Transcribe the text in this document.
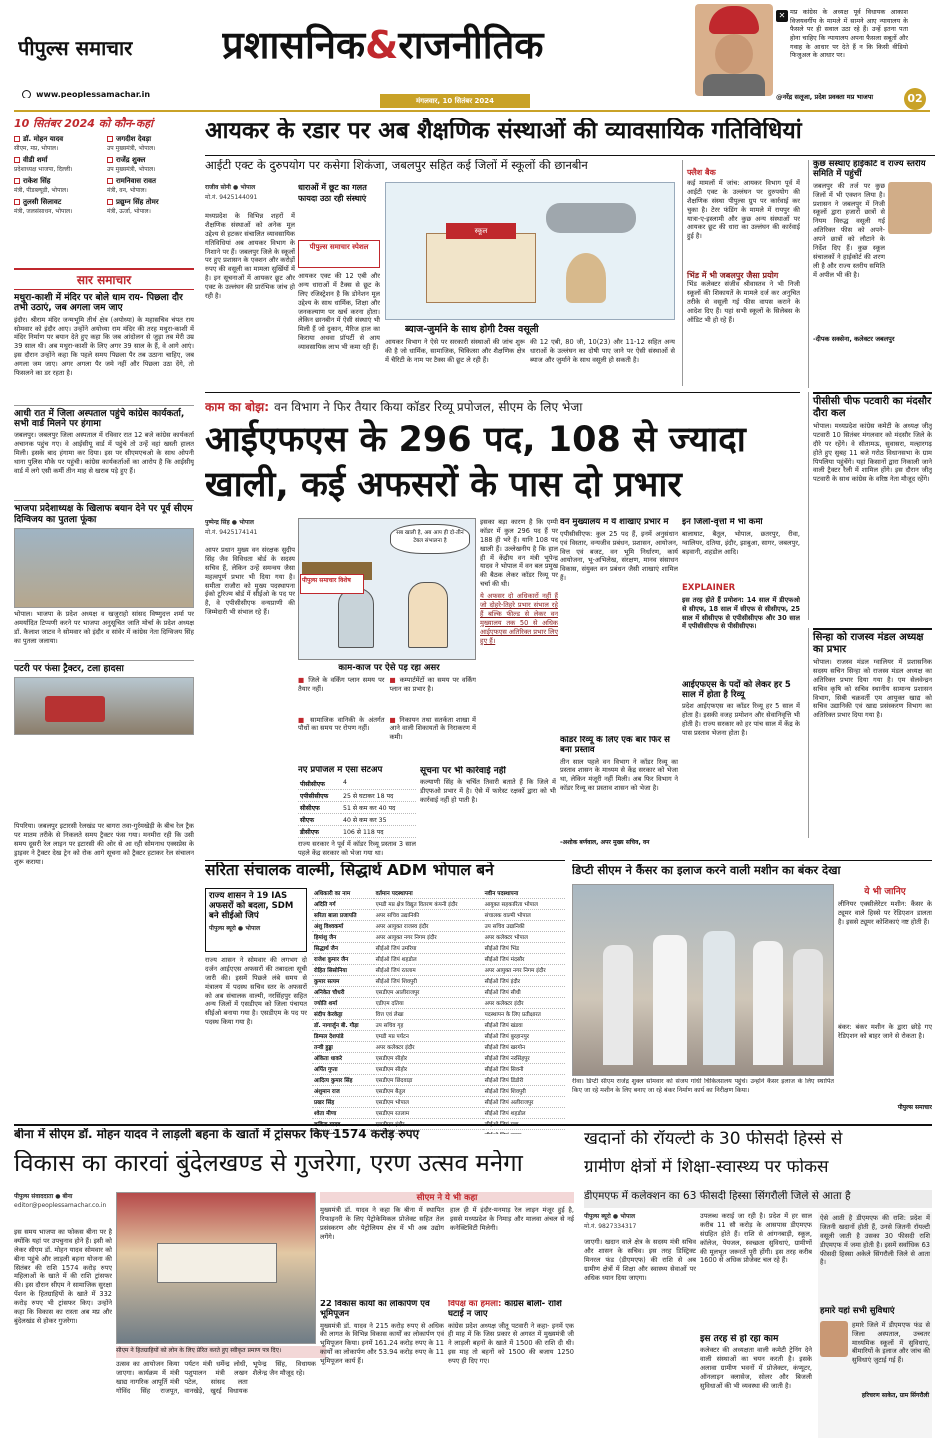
पीपुल्स समाचार
www.peoplessamachar.in
प्रशासनिक&राजनीतिक
मंगलवार, 10 सितंबर 2024
✕ मप्र कांग्रेस के अध्यक्ष पूर्व विधायक आकाश विजयवर्गीय के मामले में सामने आए न्यायालय के फैसले पर ही सवाल उठा रहे हैं। उन्हें इतना पता होना चाहिए कि न्यायालय अपना फैसला सबूतों और गवाह के आधार पर देते हैं न कि किसी वीडियो फिजुअल के आधार पर।
@नरेंद्र सलूजा, प्रदेश प्रवक्ता मप्र भाजपा	02
10 सितंबर 2024 को कौन-कहां
डॉ. मोहन यादव
सीएम, मप्र, भोपाल।
जगदीश देवड़ा
उप मुख्यमंत्री, भोपाल।
वीडी शर्मा
प्रदेशाध्यक्ष भाजपा, दिल्ली।
राजेंद्र शुक्ल
उप मुख्यमंत्री, भोपाल।
राकेश सिंह
मंत्री, पीडब्ल्यूडी, भोपाल।
रामनिवास रावत
मंत्री, वन, भोपाल।
तुलसी सिलावट
मंत्री, जलसंसाधन, भोपाल।
प्रद्युम्न सिंह तोमर
मंत्री, ऊर्जा, भोपाल।
सार समाचार
मथुरा-काशी में मंदिर पर बोले धाम राय- पिछला दौर तभी उठाएं, जब अगला जम जाए
इंदौर। श्रीराम मंदिर जन्मभूमि तीर्थ क्षेत्र (अयोध्या) के महासचिव चंपत राय सोमवार को इंदौर आए। उन्होंने अयोध्या राम मंदिर की तरह मथुरा-काशी में मंदिर निर्माण पर बयान देते हुए कहा कि जब आंदोलन से जुड़ा तब मेरी उम्र 39 साल थी। अब मथुरा-काशी के लिए अगर 39 साल के हैं, वे आगे आएं। इस दौरान उन्होंने कहा कि पहले समय पिछला पैर तब उठाना चाहिए, जब अगला जम जाए। अगर अगला पैर जमे नहीं और पिछला उठा देंगे, तो फिसलने का डर रहता है।
आधी रात में जिला अस्पताल पहुंचे कांग्रेस कार्यकर्ता, सभी वार्ड मिलने पर हंगामा
जबलपुर। जबलपुर जिला अस्पताल में रविवार रात 12 बजे कांग्रेस कार्यकर्ता अचानक पहुंच गए। वे आईसीयू वार्ड में पहुंचे तो उन्हें वहां खस्ती हालत मिली। इसके बाद हंगामा कर दिया। इस पर सीएमएचओ के साथ ओपनी थाना पुलिस मौके पर पहुंची। कांग्रेस कार्यकर्ताओं का आरोप है कि आईसीयू वार्ड में लगे एसी कर्मी तीन माह से खराब पड़े हुए हैं।
भाजपा प्रदेशाध्यक्ष के खिलाफ बयान देने पर पूर्व सीएम दिग्विजय का पुतला फूंका
भोपाल। भाजपा के प्रदेश अध्यक्ष व खजुराहो सांसद विष्णुदत्त शर्मा पर अमर्यादित टिप्पणी करने पर भाजपा अनुसूचित जाति मोर्चा के प्रदेश अध्यक्ष डॉ. कैलाश जाटव ने सोमवार को इंदौर व सांवेर में कांग्रेस नेता दिग्विजय सिंह का पुतला जलाया।
पटरी पर फंसा ट्रैक्टर, टला हादसा
पिपरिया। जबलपुर इटारसी रेलखंड पर बागरा तवा-गुर्रमखेड़ी के बीच रेल ट्रैक पर मातम तरीके से निकलते समय ट्रैक्टर फंस गया। मनमीरा रही कि उसी समय दूसरी रेल लाइन पर इटारसी की ओर से आ रही सोमनाथ एक्सप्रेस के ड्राइवर ने ट्रैक्टर देख ट्रेन को रोक आगे सूचना को ट्रैक्टर हटाकर रेल संचालन शुरू कराया।
आयकर के रडार पर अब शैक्षणिक संस्थाओं की व्यावसायिक गतिविधियां
आईटी एक्ट के दुरुपयोग पर कसेगा शिकंजा, जबलपुर सहित कई जिलों में स्कूलों की छानबीन
राजीव सोनी ● भोपाल
मो.नं. 9425144091
पीपुल्स समाचार स्पेशल
मध्यप्रदेश के विभिन्न शहरों में शैक्षणिक संस्थाओं को अनेक मूल उद्देश्य से हटकर संचालित व्यावसायिक गतिविधियां अब आयकर विभाग के निशाने पर हैं। जबलपुर जिले के स्कूलों पर हुए प्रशासन के एक्शन और करोड़ों रुपए की वसूली का मामला सुर्खियों में है। इन सूचनाओं में आयकर छूट और एक्ट के उल्लंघन की प्रारंभिक जांच हो रही है।
धाराओं में छूट का गलत फायदा उठा रही संस्थाएं
आयकर एक्ट की 12 एबी और अन्य धाराओं में टैक्स से छूट के लिए रजिस्ट्रेशन है कि डोनेशन मूल उद्देश्य के साथ धार्मिक, शिक्षा और जनकल्याण पर खर्च करना होता। लेकिन छानबीन में ऐसी संस्थाएं भी मिली हैं जो दुकान, मैरिज हाल का किराया अथवा प्रॉपर्टी से आय व्यावसायिक लाभ भी कमा रही हैं।
स्कूल
ब्याज-जुर्माने के साथ होगी टैक्स वसूली
आयकर विभाग ने ऐसे पर सरकारी संस्थाओं की जांच शुरू की है जो धार्मिक, सामाजिक, चिकित्सा और शैक्षणिक क्षेत्र में चैरिटी के नाम पर टैक्स की छूट ले रही हैं।
की 12 एबी, 80 जी, 10(23) और 11-12 सहित अन्य धाराओं के उल्लंघन का दोषी पाए जाने पर ऐसी संस्थाओं से ब्याज और जुर्माने के साथ वसूली हो सकती है।
फ्लैश बैक
कई मामलों में जांच: आयकर विभाग पूर्व में आईटी एक्ट के उल्लंघन पर दुरुपयोग की शैक्षणिक संस्था पीपुल्स ग्रुप पर कार्रवाई कर चुका है। टेरर फंडिंग के मामले में रायपुर की यात्रा-ए-इस्लामी और कुछ अन्य संस्थाओं पर आयकर छूट की धारा का उल्लंघन की कार्रवाई हुई है।
भिंड में भी जबलपुर जैसा प्रयोग
भिंड कलेक्टर संजीव श्रीवास्तव ने भी निजी स्कूलों की शिकायतें के मामले दर्ज कर अनुचित तरीके से वसूली गई फीस वापस कराने के आदेश दिए हैं। यहां सभी स्कूलों के सिलेबस के ऑडिट भी हो रहे हैं।
कुछ संस्थाएं हाईकोर्ट व राज्य स्तरीय समिति में पहुंचीं
जबलपुर की तर्ज पर कुछ जिलों में भी एक्शन लिया है। प्रशासन ने जबलपुर में निजी स्कूलों द्वारा हजारों छात्रों से नियम विरुद्ध वसूली गई अतिरिक्त फीस को अपने-अपने छात्रों को लौटाने के निर्देश दिए हैं। कुछ स्कूल संचालकों ने हाईकोर्ट की शरण ली है और राज्य स्तरीय समिति में अपील भी की है।
-दीपक सक्सेना, कलेक्टर जबलपुर
पीसीसी चीफ पटवारी का मंदसौर दौरा कल
भोपाल। मध्यप्रदेश कांग्रेस कमेटी के अध्यक्ष जीतू पटवारी 10 सितंबर मंगलवार को मंदसौर जिले के दौरे पर रहेंगे। वे सीतामऊ, सुवासरा, मल्हारगढ़ होते हुए सुबह 11 बजे गरोठ विधानसभा के ग्राम पिपलिया पहुंचेंगे। यहां किसानों द्वारा निकाली जाने वाली ट्रैक्टर रैली में शामिल होंगे। इस दौरान जीतू पटवारी के साथ कांग्रेस के वरिष्ठ नेता मौजूद रहेंगे।
सिन्हा को राजस्व मंडल अध्यक्ष का प्रभार
भोपाल। राजस्व मंडल ग्वालियर में प्रशासनिक सदस्य सचिन सिन्हा को राजस्व मंडल अध्यक्ष का अतिरिक्त प्रभार दिया गया है। एम सेलवेन्द्रन सचिव कृषि को सचिव स्थानीय सामान्य प्रशासन विभाग, सिबी चक्रवर्ती एम आयुक्त खाद्य को सचिव उद्यानिकी एवं खाद्य प्रसंस्करण विभाग का अतिरिक्त प्रभार दिया गया है।
काम का बोझ: वन विभाग ने फिर तैयार किया कॉडर रिव्यू प्रपोजल, सीएम के लिए भेजा
आईएफएस के 296 पद, 108 से ज्यादा खाली, कई अफसरों के पास दो प्रभार
पुष्पेन्द्र सिंह ● भोपाल
मो.नं. 9425174141
आपर प्रधान मुख्य वन संरक्षक सुदीप सिंह जैव विविधता बोर्ड के सदस्य सचिव हैं, लेकिन उन्हें समन्वय जैसा महत्वपूर्ण प्रभार भी दिया गया है। समीता राजौरा को मुख्य पदस्थापना ईको टूरिज्म बोर्ड में सीईओ के पद पर है, वे एपीसीसीएफ वन्यप्राणी की जिम्मेदारी भी संभाल रहे हैं।
सब खाली है, अब आप ही दो-तीन टेबल संभालना है
पीपुल्स समाचार विशेष
काम-काज पर ऐसे पड़ रहा असर
■ जिले के वर्किंग प्लान समय पर तैयार नहीं।
■ कम्पार्टमेंटों का समय पर वर्किंग प्लान का प्रभार है।
■ सामाजिक वानिकी के अंतर्गत पौधों का समय पर रोपण नहीं।
■ निकायन तथा सतर्कता शाखा में आने वाली शिकायतों के निराकरण में कमी।
नए प्रपोजल में ऐसा सेटअप
पीसीसीएफ	4
एपीसीसीएफ	25 से घटाकर 18 पद
सीसीएफ	51 से कम कर 40 पद
सीएफ	40 से कम कर 35
डीसीएफ	106 से 118 पद
राज्य सरकार ने पूर्व में कॉडर रिव्यू प्रस्ताव 3 साल पहले केंद्र सरकार को भेजा गया था।
सूचना पर भी कार्रवाई नहीं
कल्याणी सिंह के चर्चित तिवारी बताते हैं कि जिले में डीएफओ प्रभार में है। ऐसे में फारेस्ट रक्षकों द्वारा को भी कार्रवाई नहीं हो पाती है।
इसका बड़ा कारण है कि एम्पी कॉडर में कुल 296 पद हैं पर 188 ही भरे हैं। यानि 108 पद खाली हैं। उल्लेखनीय है कि हाल ही में केंद्रीय वन मंत्री भूपेन्द्र यादव ने भोपाल में वन बल प्रमुख की बैठक लेकर कॉडर रिव्यू पर चर्चा की थी।
ये अफसर दो अधिकारों नहीं हैं जो दोहरे-तिहरे प्रभार संभाल रहे हैं बल्कि फील्ड से लेकर वन मुख्यालय तक 50 से अधिक आईएफएस अतिरिक्त प्रभार लिए हुए हैं।
वन मुख्यालय में ये शाखाएं प्रभार में
एपीसीसीएफ: कुल 25 पद हैं, इनमें अनुसंधान एवं विस्तार, वन्यजीव प्रबंधन, प्रशासन, आयोजन, वित्त एवं बजट, वन भूमि निर्धारण, कार्य आयोजना, भू-अभिलेख, संरक्षण, मानव संसाधन विकास, संयुक्त वन प्रबंधन जैसी शाखाएं शामिल हैं।
कॉडर रिव्यू के लिए एक बार फिर से बना प्रस्ताव
तीन साल पहले वन विभाग ने कॉडर रिव्यू का प्रस्ताव शासन के माध्यम से केंद्र सरकार को भेजा था, लेकिन मंजूरी नहीं मिली। अब फिर विभाग ने कॉडर रिव्यू का प्रस्ताव शासन को भेजा है।
-अशोक बर्णवाल, अपर मुख्य सचिव, वन
इन जिलों-वृत्तों में भी कमी
बालाघाट, बैतूल, भोपाल, छतरपुर, रीवा, ग्वालियर, दतिया, इंदौर, झाबुआ, सागर, जबलपुर, बड़वानी, शहडोल आदि।
EXPLAINER
इस तरह होते हैं प्रमोशन: 14 साल में डीएफओ से सीएफ, 18 साल में सीएफ से सीसीएफ, 25 साल में सीसीएफ से एपीसीसीएफ और 30 साल में एपीसीसीएफ से पीसीसीएफ।
आईएफएस के पदों को लेकर हर 5 साल में होता है रिव्यू
प्रदेश आईएफएस का कॉडर रिव्यू हर 5 साल में होता है। इसकी वजह प्रमोशन और सेवानिवृत्ति भी होती है। राज्य सरकार को हर पांच साल में केंद्र के पास प्रस्ताव भेजना होता है।
सरिता संचालक वाल्मी, सिद्धार्थ ADM भोपाल बने
राज्य शासन ने 19 IAS अफसरों को बदला, SDM बने सीईओ जिपं
पीपुल्स ब्यूरो ● भोपाल
राज्य शासन ने सोमवार की लगभग दो दर्जन आईएएस अफसरों की तबादला सूची जारी की। इसमें पिछले लंबे समय से मंत्रालय में पदस्थ सचिव स्तर के अफसरों को अब संचालक वाल्मी, नरसिंहपुर सहित अन्य जिलों में एसडीएम को जिला पंचायत सीईओ बनाया गया है। एसडीएम के पद पर पदस्थ किया गया है।
अधिकारी का नाम	वर्तमान पदस्थापना	नवीन पदस्थापना
अदिति गर्ग	एमडी मप्र क्षेत्र विद्युत वितरण कंपनी इंदौर	आयुक्त सहकारिता भोपाल
सरिता बाला प्रजापति	अपर सचिव उद्यानिकी	संचालक वाल्मी भोपाल
अंशु विश्वकर्मा	अपर आयुक्त राजस्व इंदौर	उप सचिव उद्यानिकी
हिमांशु जैन	अपर आयुक्त नगर निगम इंदौर	अपर कलेक्टर भोपाल
सिद्धार्थ जैन	सीईओ जिपं उमरिया	सीईओ जिपं भिंड
राजेश कुमार जैन	सीईओ जिपं शहडोल	सीईओ जिपं मंदसौर
रोहित सिसोनिया	सीईओ जिपं रतलाम	अपर आयुक्त नगर निगम इंदौर
कुमार सत्यम	सीईओ जिपं शिवपुरी	सीईओ जिपं इंदौर
अनिकेत चौधरी	एसडीएम आलीराजपुर	सीईओ जिपं सीधी
ज्योति शर्मा	एडीएम दतिया	अपर कलेक्टर इंदौर
संदीप केरकेट्टा	वित्त एवं लेखा	पदस्थापन के लिए प्रतीक्षारत
डॉ. नागार्जुन बी. गौड़ा	उप सचिव गृह	सीईओ जिपं खंडवा
डिम्पल देशपांडे	एमडी मप्र पर्यटन	सीईओ जिपं बुरहानपुर
तन्वी हुड्डा	अपर कलेक्टर इंदौर	सीईओ जिपं खरगोन
अंकिता धाकरे	एसडीएम सीहोर	सीईओ जिपं नरसिंहपुर
अर्पित गुप्ता	एसडीएम सीहोर	सीईओ जिपं सिवनी
आदित्य कुमार सिंह	एसडीएम छिंदवाड़ा	सीईओ जिपं डिंडोरी
अंशुमान राज	एसडीएम बैतूल	सीईओ जिपं शिवपुरी
प्रखर सिंह	एसडीएम भोपाल	सीईओ जिपं अलीराजपुर
श्वेता मीणा	एसडीएम रतलाम	सीईओ जिपं शहडोल

डिप्टी सीएम ने कैंसर का इलाज करने वाली मशीन का बंकर देखा
रीवा। डिप्टी सीएम राजेंद्र शुक्ल सोमवार को संजय गांधी चिकित्सालय पहुंचे। उन्होंने कैंसर इलाज के लिए स्थापित किए जा रहे मशीन के लिए बनाए जा रहे बंकर निर्माण कार्य का निरीक्षण किया।
ये भी जानिए
लीनियर एक्सीलेरेटर मशीन: कैंसर के ट्यूमर वाले हिस्से पर रेडिएशन डालता है। इससे ट्यूमर कोशिकाएं नष्ट होती हैं।
बंकर: बंकर मशीन के द्वारा छोड़े गए रेडिएशन को बाहर जाने से रोकता है।
पीपुल्स समाचार
बीना में सीएम डॉ. मोहन यादव ने लाड़ली बहना के खातों में ट्रांसफर किए 1574 करोड़ रुपए
विकास का कारवां बुंदेलखण्ड से गुजरेगा, एरण उत्सव मनेगा
पीपुल्स संवाददाता ● बीना
editor@peoplessamachar.co.in
इस समय भाजपा का फोकस बीना पर है क्योंकि यहां पर उपचुनाव होने हैं। इसी को लेकर सीएम डॉ. मोहन यादव सोमवार को बीना पहुंचे और लाड़ली बहना योजना की सितंबर की राशि 1574 करोड़ रुपए महिलाओं के खाते में की राशि ट्रांसफर की। इस दौरान सीएम ने सामाजिक सुरक्षा पेंशन के हितग्राहियों के खाते में 332 करोड़ रुपए भी ट्रांसफर किए। उन्होंने कहा कि विकास का रास्ता अब मप्र और बुंदेलखंड से होकर गुजरेगा।
सीएम ने हितग्राहियों को लोन के लिए प्रेरित करते हुए स्वीकृत प्रमाण पत्र दिए।
उत्सव का आयोजन किया जाएगा। कार्यक्रम में मंत्री खाद्य नागरिक आपूर्ति मंत्री गोविंद सिंह राजपूत, पर्यटन मंत्री धर्मेन्द्र लोधी, पशुपालन मंत्री लखन पटेल, सांसद लता वानखेड़े, खुरई विधायक भूपेन्द्र सिंह, विधायक शैलेन्द्र जैन मौजूद रहे।
सीएम ने ये भी कहा
मुख्यमंत्री डॉ. यादव ने कहा कि बीना में स्थापित रिफाइनरी के लिए पेट्रोकेमिकल प्रोजेक्ट सहित तेल प्रसंस्करण और पेट्रोलियम क्षेत्र में भी अब उद्योग लगेंगे।
हाल ही में इंदौर-मनमाड़ रेल लाइन मंजूर हुई है, इससे मध्यप्रदेश के निमाड़ और मालवा अंचल से नई कनेक्टिविटी मिलेगी।
22 विकास कार्यों का लोकार्पण एवं भूमिपूजन
मुख्यमंत्री डॉ. यादव ने 215 करोड़ रुपए से अधिक की लागत के विभिन्न विकास कार्यों का लोकार्पण एवं भूमिपूजन किया। इनमें 161.24 करोड़ रुपए के 11 कार्यों का लोकार्पण और 53.94 करोड़ रुपए के 11 भूमिपूजन कार्य हैं।
विपक्ष का हमला: कांग्रेस बोली- राशि घटाई न जाए
कांग्रेस प्रदेश अध्यक्ष जीतू पटवारी ने कहा- इनमें एक ही माह में कि जिस प्रकार से अगस्त में मुख्यमंत्री जी ने लाड़ली बहनों के खाते में 1500 की राशि दी थी। इस माह तो बहनों को 1500 की बजाय 1250 रुपए ही दिए गए।
खदानों की रॉयल्टी के 30 फीसदी हिस्से से
ग्रामीण क्षेत्रों में शिक्षा-स्वास्थ्य पर फोकस
डीएमएफ में कलेक्शन का 63 फीसदी हिस्सा सिंगरौली जिले से आता है
पीपुल्स ब्यूरो ● भोपाल
मो.नं. 9827334317
जाएगी। खदान वाले क्षेत्र के सदस्य मंत्री सचिव और शासन के सचिव। इस तरह डिस्ट्रिक्ट मिनरल फंड (डीएमएफ) की राशि से अब ग्रामीण क्षेत्रों में शिक्षा और स्वास्थ्य सेवाओं पर अधिक ध्यान दिया जाएगा।
उपलब्ध कराई जा रही है। प्रदेश में हर साल करीब 11 सौ करोड़ के आसपास डीएमएफ संग्रहित होते हैं। राशि से आंगनबाड़ी, स्कूल, कॉलेज, पेयजल, स्वच्छता सुविधाएं, ग्रामीणों की मूलभूत जरूरतें पूरी होंगी। इस तरह करीब 1600 से अधिक प्रोजेक्ट चल रहे हैं।
इस तरह से हो रहा काम
कलेक्टर की अध्यक्षता वाली कमेटी ट्रेनिंग देने वाली संस्थाओं का चयन करती है। इसके अलावा ग्रामीण भवनों में प्रोजेक्टर, कंप्यूटर, ऑनलाइन क्लासेज, सोलर और बिजली सुविधाओं की भी व्यवस्था की जाती है।
ऐसे आती है डीएमएफ की राशि: प्रदेश में जितनी खदानों होती हैं, उनसे जितनी रॉयल्टी वसूली जाती है उसका 30 फीसदी राशि डीएमएफ में जमा होती है। इसमें सर्वाधिक 63 फीसदी हिस्सा अकेले सिंगरौली जिले से आता है।
हमारे यहां सभी सुविधाएं
हमारे जिले में डीएमएफ फंड से जिला अस्पताल, उच्चतर माध्यमिक स्कूलों में सुविधाएं, बीमारियों के इलाज और जांच की सुविधाएं जुटाई गई हैं।
हरिचरण साकेत, ग्राम सिंगरौली
